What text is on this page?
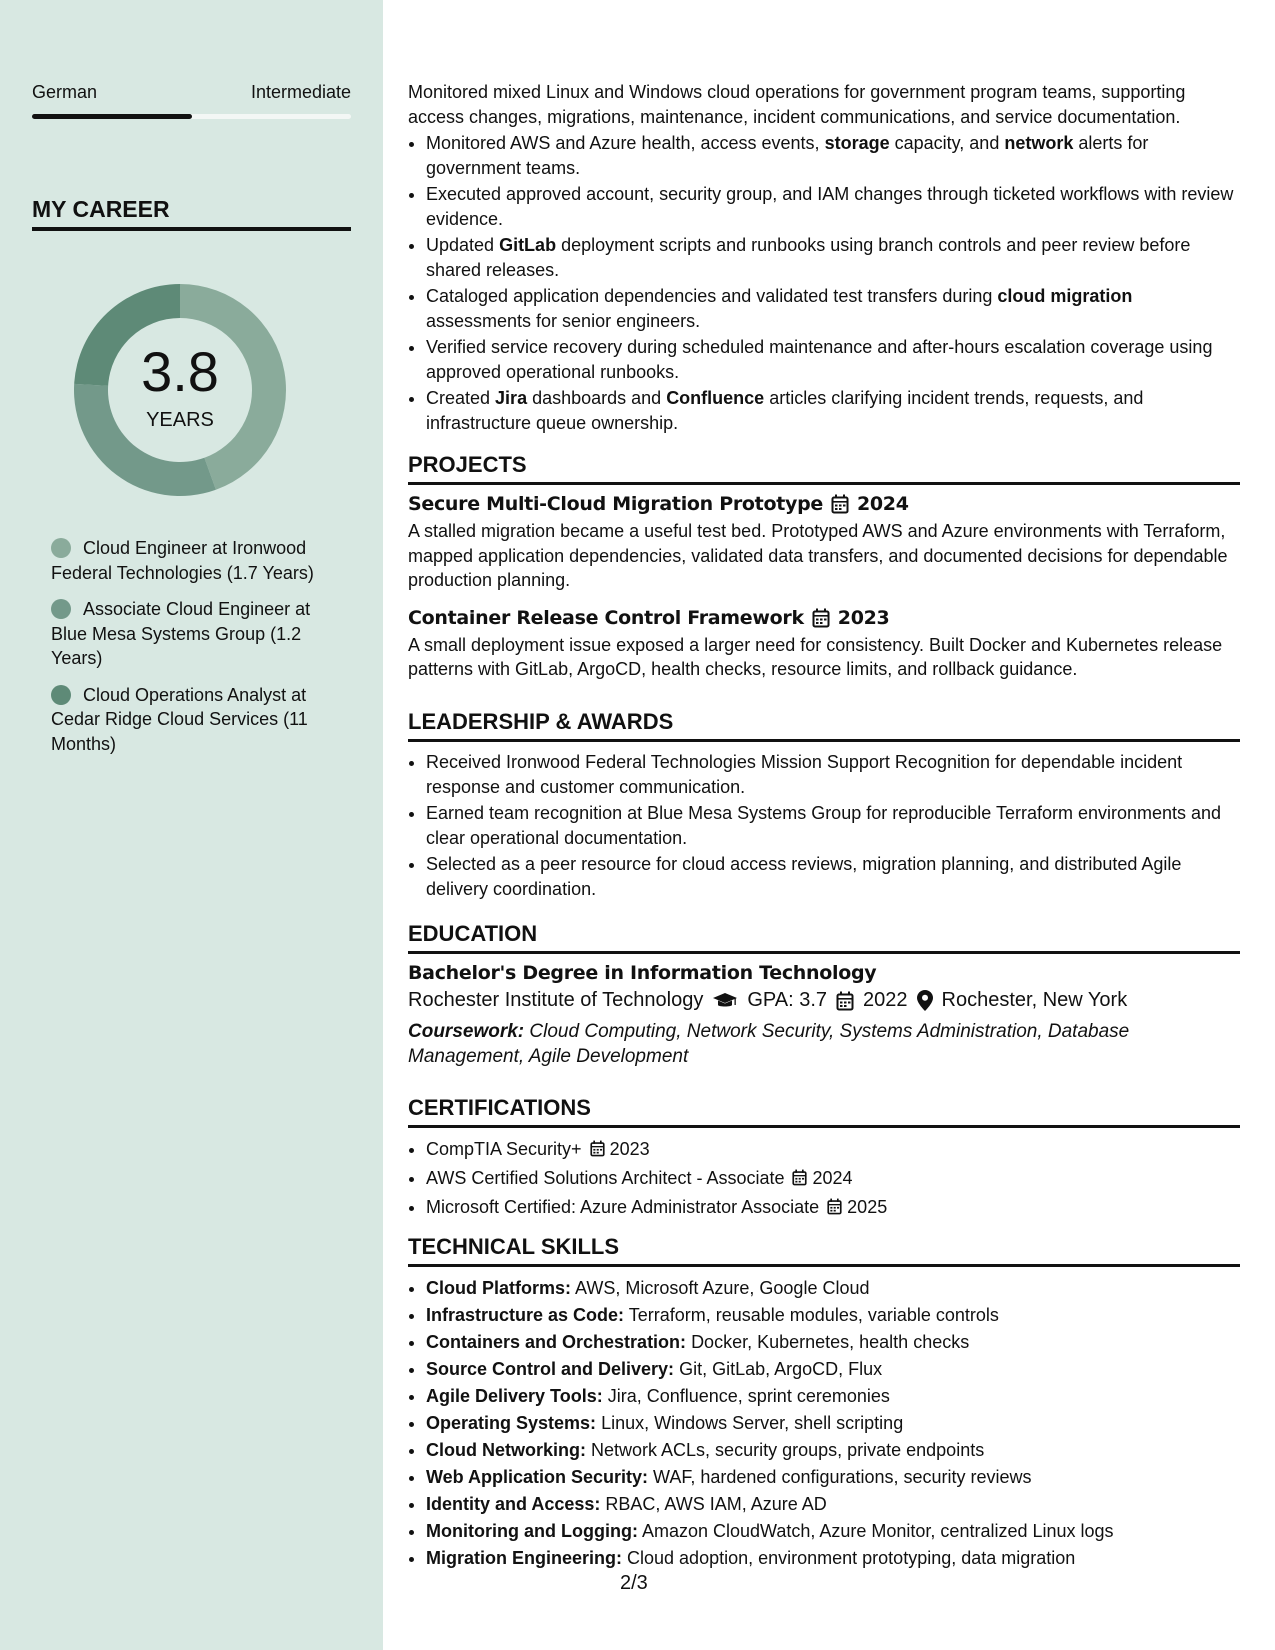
German	Intermediate
MY CAREER
3.8
YEARS
Cloud Engineer at Ironwood Federal Technologies (1.7 Years)
Associate Cloud Engineer at Blue Mesa Systems Group (1.2 Years)
Cloud Operations Analyst at Cedar Ridge Cloud Services (11 Months)

Monitored mixed Linux and Windows cloud operations for government program teams, supporting access changes, migrations, maintenance, incident communications, and service documentation.

• Monitored AWS and Azure health, access events, storage capacity, and network alerts for government teams.
• Executed approved account, security group, and IAM changes through ticketed workflows with review evidence.
• Updated GitLab deployment scripts and runbooks using branch controls and peer review before shared releases.
• Cataloged application dependencies and validated test transfers during cloud migration assessments for senior engineers.
• Verified service recovery during scheduled maintenance and after-hours escalation coverage using approved operational runbooks.
• Created Jira dashboards and Confluence articles clarifying incident trends, requests, and infrastructure queue ownership.
PROJECTS
Secure Multi-Cloud Migration Prototype 2024

A stalled migration became a useful test bed. Prototyped AWS and Azure environments with Terraform, mapped application dependencies, validated data transfers, and documented decisions for dependable production planning.

Container Release Control Framework 2023

A small deployment issue exposed a larger need for consistency. Built Docker and Kubernetes release patterns with GitLab, ArgoCD, health checks, resource limits, and rollback guidance.

LEADERSHIP & AWARDS
• Received Ironwood Federal Technologies Mission Support Recognition for dependable incident response and customer communication.
• Earned team recognition at Blue Mesa Systems Group for reproducible Terraform environments and clear operational documentation.
• Selected as a peer resource for cloud access reviews, migration planning, and distributed Agile delivery coordination.
EDUCATION
Bachelor's Degree in Information Technology
Rochester Institute of Technology GPA: 3.7 2022 Rochester, New York

Coursework: Cloud Computing, Network Security, Systems Administration, Database Management, Agile Development

CERTIFICATIONS
• CompTIA Security+ 2023
• AWS Certified Solutions Architect - Associate 2024
• Microsoft Certified: Azure Administrator Associate 2025
TECHNICAL SKILLS
• Cloud Platforms: AWS, Microsoft Azure, Google Cloud
• Infrastructure as Code: Terraform, reusable modules, variable controls
• Containers and Orchestration: Docker, Kubernetes, health checks
• Source Control and Delivery: Git, GitLab, ArgoCD, Flux
• Agile Delivery Tools: Jira, Confluence, sprint ceremonies
• Operating Systems: Linux, Windows Server, shell scripting
• Cloud Networking: Network ACLs, security groups, private endpoints
• Web Application Security: WAF, hardened configurations, security reviews
• Identity and Access: RBAC, AWS IAM, Azure AD
• Monitoring and Logging: Amazon CloudWatch, Azure Monitor, centralized Linux logs
• Migration Engineering: Cloud adoption, environment prototyping, data migration
2/3
